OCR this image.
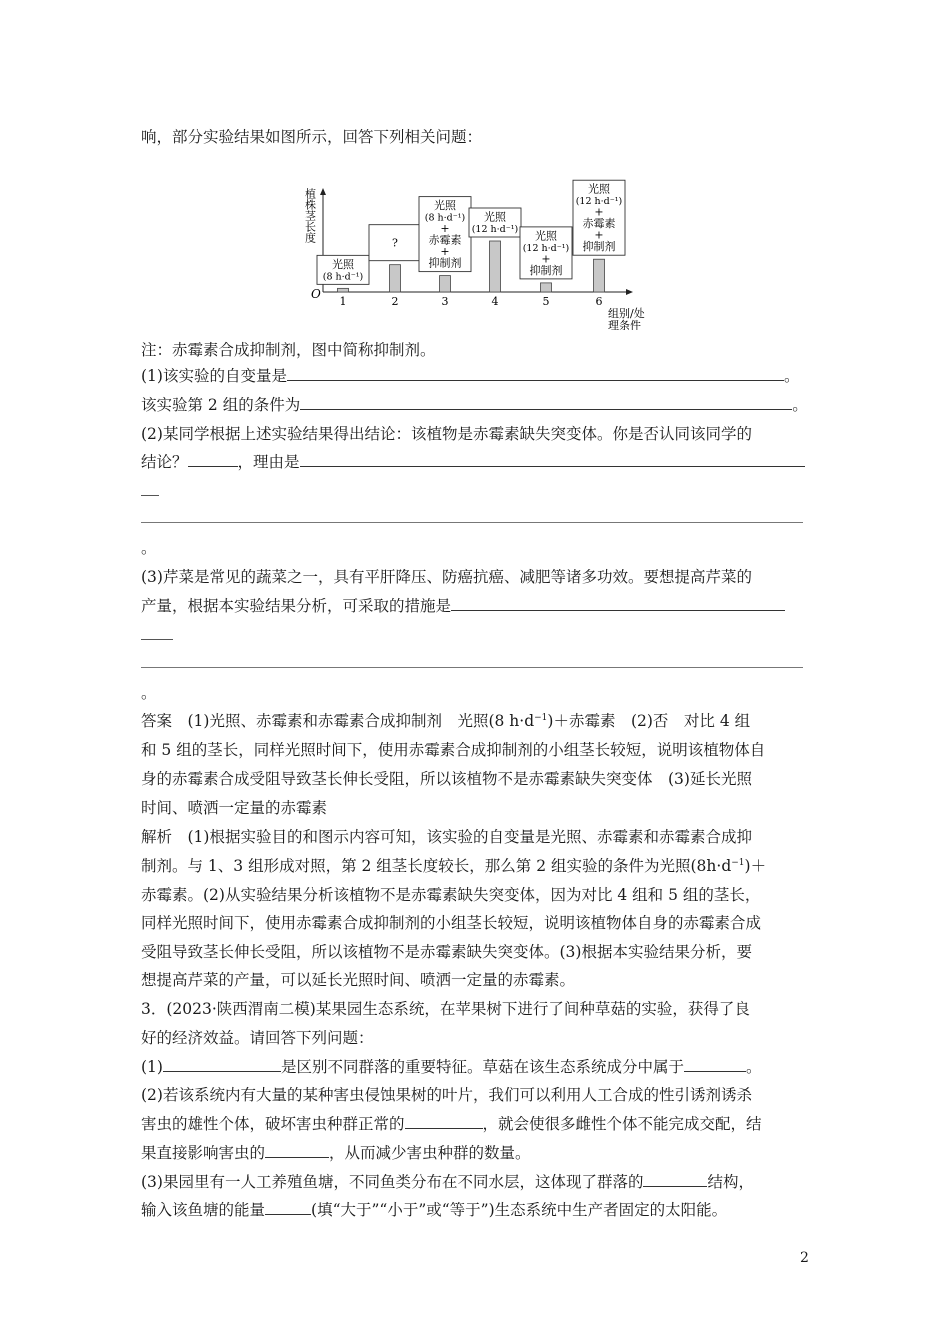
响，部分实验结果如图所示，回答下列相关问题：
O
植株茎长度
组别/处
理条件
1	2	3	4	5	6
光照
(8 h·d⁻¹)
?
光照
(8 h·d⁻¹)
+
赤霉素
+
抑制剂
光照
(12 h·d⁻¹) 光照
(12 h·d⁻¹)
+
抑制剂
光照
(12 h·d⁻¹)
+
赤霉素
+
抑制剂
注：赤霉素合成抑制剂，图中简称抑制剂。
(1)该实验的自变量是	。
该实验第 2 组的条件为	。
(2)某同学根据上述实验结果得出结论：该植物是赤霉素缺失突变体。你是否认同该同学的
结论？	，理由是
。
(3)芹菜是常见的蔬菜之一，具有平肝降压、防癌抗癌、减肥等诸多功效。要想提高芹菜的
产量，根据本实验结果分析，可采取的措施是
。
答案　(1)光照、赤霉素和赤霉素合成抑制剂　光照(8 $h\cdot d^{-1})+$赤霉素　(2)否　对比 4 组
和 5 组的茎长，同样光照时间下，使用赤霉素合成抑制剂的小组茎长较短，说明该植物体自
身的赤霉素合成受阻导致茎长伸长受阻，所以该植物不是赤霉素缺失突变体　(3)延长光照
时间、喷洒一定量的赤霉素
解析　(1)根据实验目的和图示内容可知，该实验的自变量是光照、赤霉素和赤霉素合成抑
制剂。与 1、3 组形成对照，第 2 组茎长度较长，那么第 2 组实验的条件为光照$(8h\cdot d^{-1})+$
赤霉素。(2)从实验结果分析该植物不是赤霉素缺失突变体，因为对比 4 组和 5 组的茎长，
同样光照时间下，使用赤霉素合成抑制剂的小组茎长较短，说明该植物体自身的赤霉素合成
受阻导致茎长伸长受阻，所以该植物不是赤霉素缺失突变体。(3)根据本实验结果分析，要
想提高芹菜的产量，可以延长光照时间、喷洒一定量的赤霉素。
3．(2023·陕西渭南二模)某果园生态系统，在苹果树下进行了间种草菇的实验，获得了良
好的经济效益。请回答下列问题：
(1)	是区别不同群落的重要特征。草菇在该生态系统成分中属于	。
(2)若该系统内有大量的某种害虫侵蚀果树的叶片，我们可以利用人工合成的性引诱剂诱杀
害虫的雄性个体，破坏害虫种群正常的	，就会使很多雌性个体不能完成交配，结
果直接影响害虫的	，从而减少害虫种群的数量。
(3)果园里有一人工养殖鱼塘，不同鱼类分布在不同水层，这体现了群落的	结构，
输入该鱼塘的能量	(填“大于”“小于”或“等于”)生态系统中生产者固定的太阳能。
2
